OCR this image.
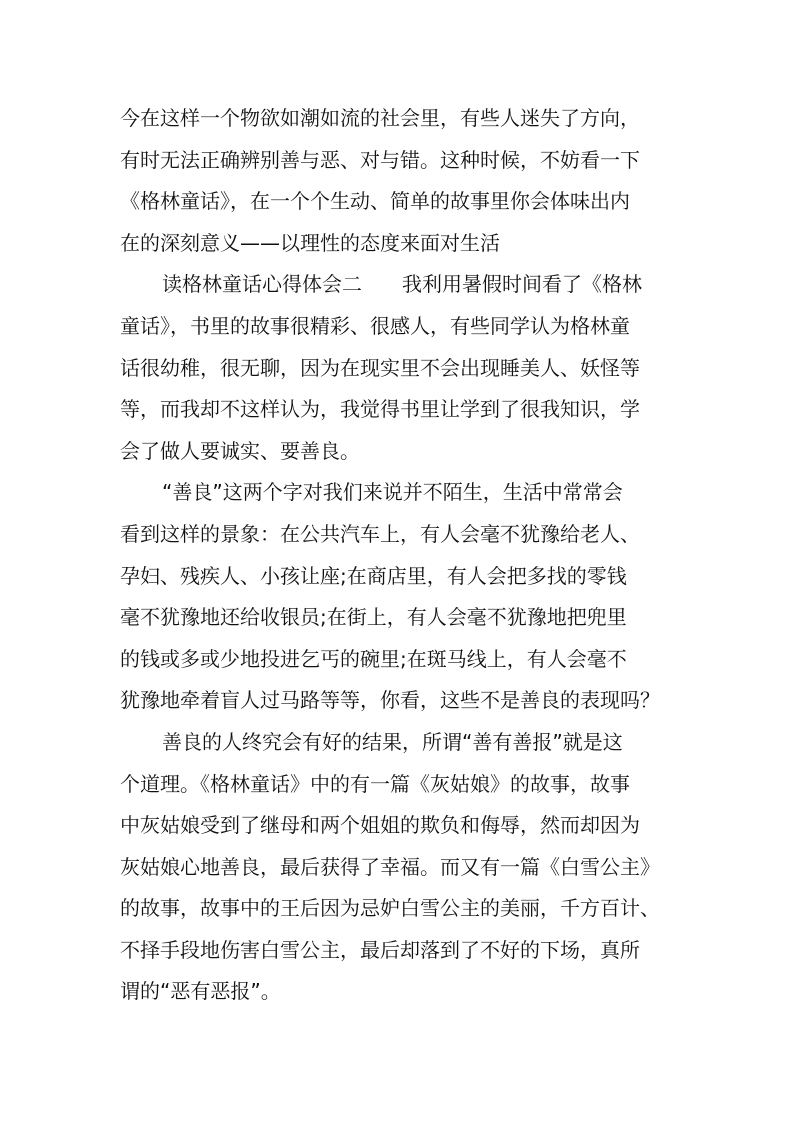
今在这样一个物欲如潮如流的社会里，有些人迷失了方向，
有时无法正确辨别善与恶、对与错。这种时候，不妨看一下
《格林童话》，在一个个生动、简单的故事里你会体味出内
在的深刻意义——以理性的态度来面对生活
读格林童话心得体会二　　我利用暑假时间看了《格林
童话》，书里的故事很精彩、很感人，有些同学认为格林童
话很幼稚，很无聊，因为在现实里不会出现睡美人、妖怪等
等，而我却不这样认为，我觉得书里让学到了很我知识，学
会了做人要诚实、要善良。
“善良”这两个字对我们来说并不陌生，生活中常常会
看到这样的景象：在公共汽车上，有人会毫不犹豫给老人、
孕妇、残疾人、小孩让座;在商店里，有人会把多找的零钱
毫不犹豫地还给收银员;在街上，有人会毫不犹豫地把兜里
的钱或多或少地投进乞丐的碗里;在斑马线上，有人会毫不
犹豫地牵着盲人过马路等等，你看，这些不是善良的表现吗？
善良的人终究会有好的结果，所谓“善有善报”就是这
个道理。《格林童话》中的有一篇《灰姑娘》的故事，故事
中灰姑娘受到了继母和两个姐姐的欺负和侮辱，然而却因为
灰姑娘心地善良，最后获得了幸福。而又有一篇《白雪公主》
的故事，故事中的王后因为忌妒白雪公主的美丽，千方百计、
不择手段地伤害白雪公主，最后却落到了不好的下场，真所
谓的“恶有恶报”。
